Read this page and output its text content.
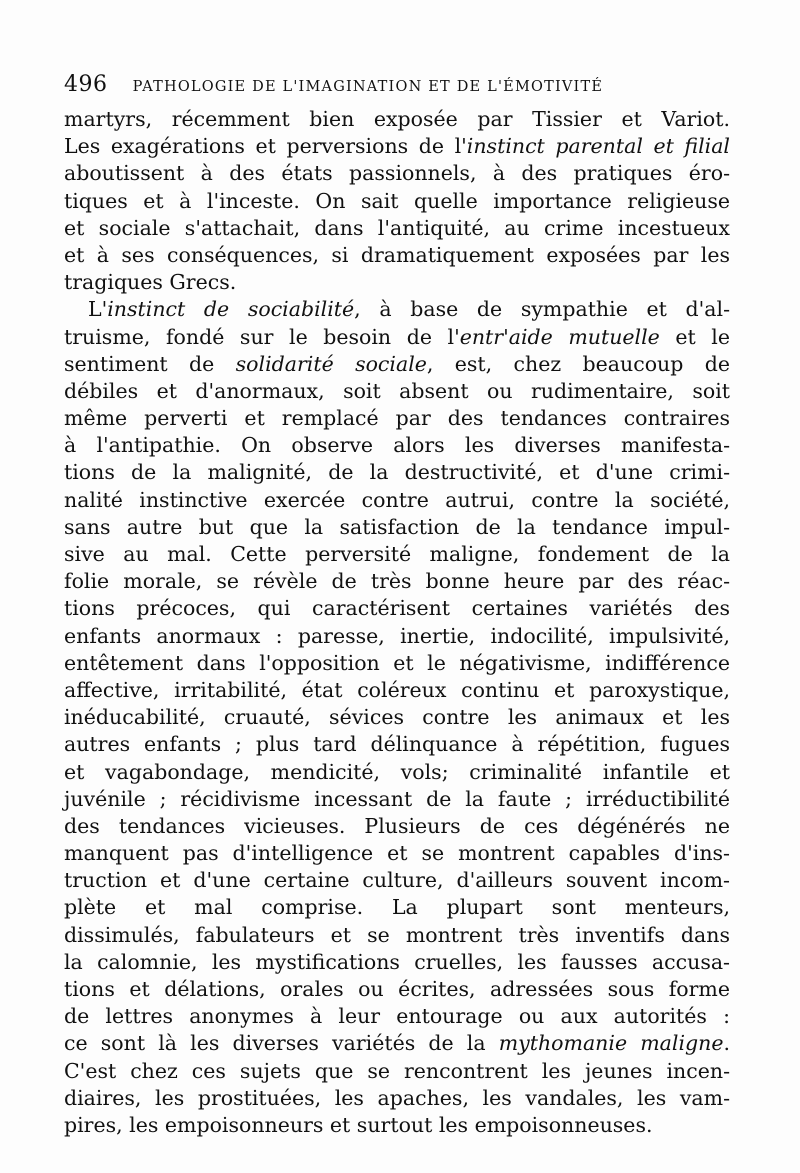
496 PATHOLOGIE DE L'IMAGINATION ET DE L'ÉMOTIVITÉ
martyrs, récemment bien exposée par Tissier et Variot.
Les exagérations et perversions de l'instinct parental et filial
aboutissent à des états passionnels, à des pratiques éro-
tiques et à l'inceste. On sait quelle importance religieuse
et sociale s'attachait, dans l'antiquité, au crime incestueux
et à ses conséquences, si dramatiquement exposées par les
tragiques Grecs.
L'instinct de sociabilité, à base de sympathie et d'al-
truisme, fondé sur le besoin de l'entr'aide mutuelle et le
sentiment de solidarité sociale, est, chez beaucoup de
débiles et d'anormaux, soit absent ou rudimentaire, soit
même perverti et remplacé par des tendances contraires
à l'antipathie. On observe alors les diverses manifesta-
tions de la malignité, de la destructivité, et d'une crimi-
nalité instinctive exercée contre autrui, contre la société,
sans autre but que la satisfaction de la tendance impul-
sive au mal. Cette perversité maligne, fondement de la
folie morale, se révèle de très bonne heure par des réac-
tions précoces, qui caractérisent certaines variétés des
enfants anormaux : paresse, inertie, indocilité, impulsivité,
entêtement dans l'opposition et le négativisme, indifférence
affective, irritabilité, état coléreux continu et paroxystique,
inéducabilité, cruauté, sévices contre les animaux et les
autres enfants ; plus tard délinquance à répétition, fugues
et vagabondage, mendicité, vols; criminalité infantile et
juvénile ; récidivisme incessant de la faute ; irréductibilité
des tendances vicieuses. Plusieurs de ces dégénérés ne
manquent pas d'intelligence et se montrent capables d'ins-
truction et d'une certaine culture, d'ailleurs souvent incom-
plète et mal comprise. La plupart sont menteurs,
dissimulés, fabulateurs et se montrent très inventifs dans
la calomnie, les mystifications cruelles, les fausses accusa-
tions et délations, orales ou écrites, adressées sous forme
de lettres anonymes à leur entourage ou aux autorités :
ce sont là les diverses variétés de la mythomanie maligne.
C'est chez ces sujets que se rencontrent les jeunes incen-
diaires, les prostituées, les apaches, les vandales, les vam-
pires, les empoisonneurs et surtout les empoisonneuses.
